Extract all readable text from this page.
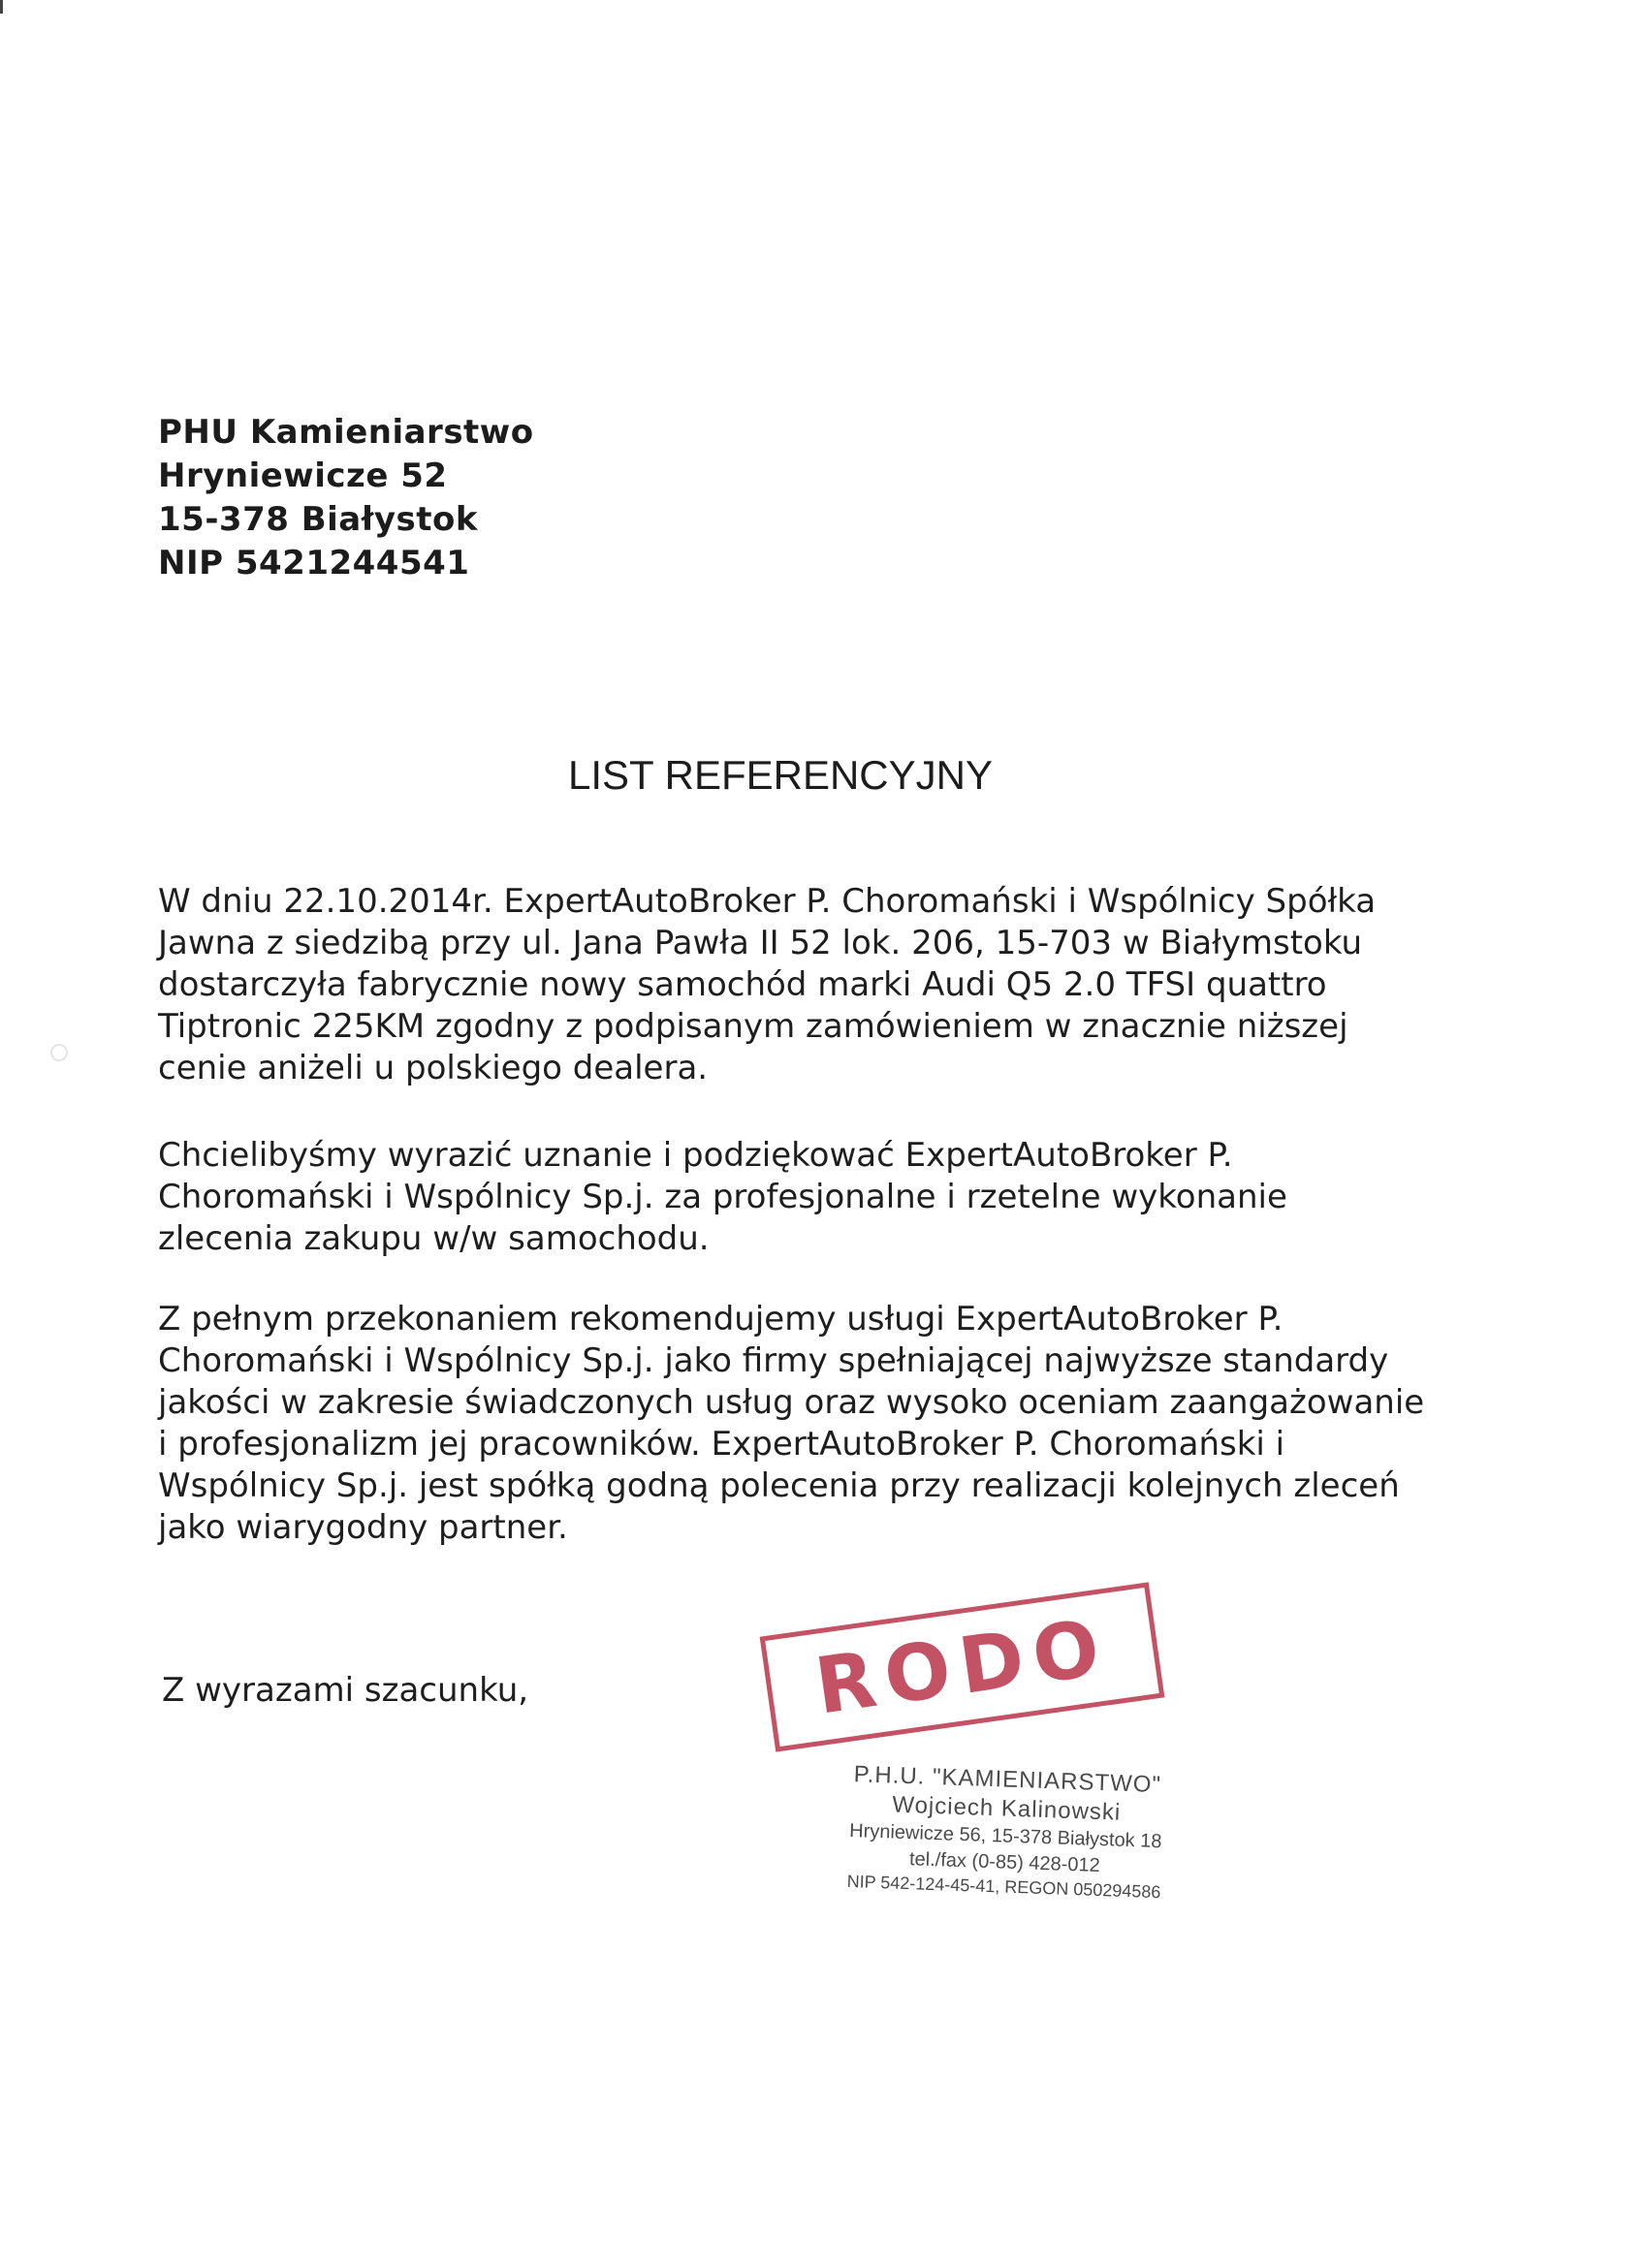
PHU Kamieniarstwo
Hryniewicze 52
15-378 Białystok
NIP 5421244541
LIST REFERENCYJNY
W dniu 22.10.2014r. ExpertAutoBroker P. Choromański i Wspólnicy Spółka
Jawna z siedzibą przy ul. Jana Pawła II 52 lok. 206, 15-703 w Białymstoku
dostarczyła fabrycznie nowy samochód marki Audi Q5 2.0 TFSI quattro
Tiptronic 225KM zgodny z podpisanym zamówieniem w znacznie niższej
cenie aniżeli u polskiego dealera.
Chcielibyśmy wyrazić uznanie i podziękować ExpertAutoBroker P.
Choromański i Wspólnicy Sp.j. za profesjonalne i rzetelne wykonanie
zlecenia zakupu w/w samochodu.
Z pełnym przekonaniem rekomendujemy usługi ExpertAutoBroker P.
Choromański i Wspólnicy Sp.j. jako firmy spełniającej najwyższe standardy
jakości w zakresie świadczonych usług oraz wysoko oceniam zaangażowanie
i profesjonalizm jej pracowników. ExpertAutoBroker P. Choromański i
Wspólnicy Sp.j. jest spółką godną polecenia przy realizacji kolejnych zleceń
jako wiarygodny partner.
Z wyrazami szacunku,	RODO
P.H.U. "KAMIENIARSTWO"
Wojciech Kalinowski
Hryniewicze 56, 15-378 Białystok 18
tel./fax (0-85) 428-012
NIP 542-124-45-41, REGON 050294586
